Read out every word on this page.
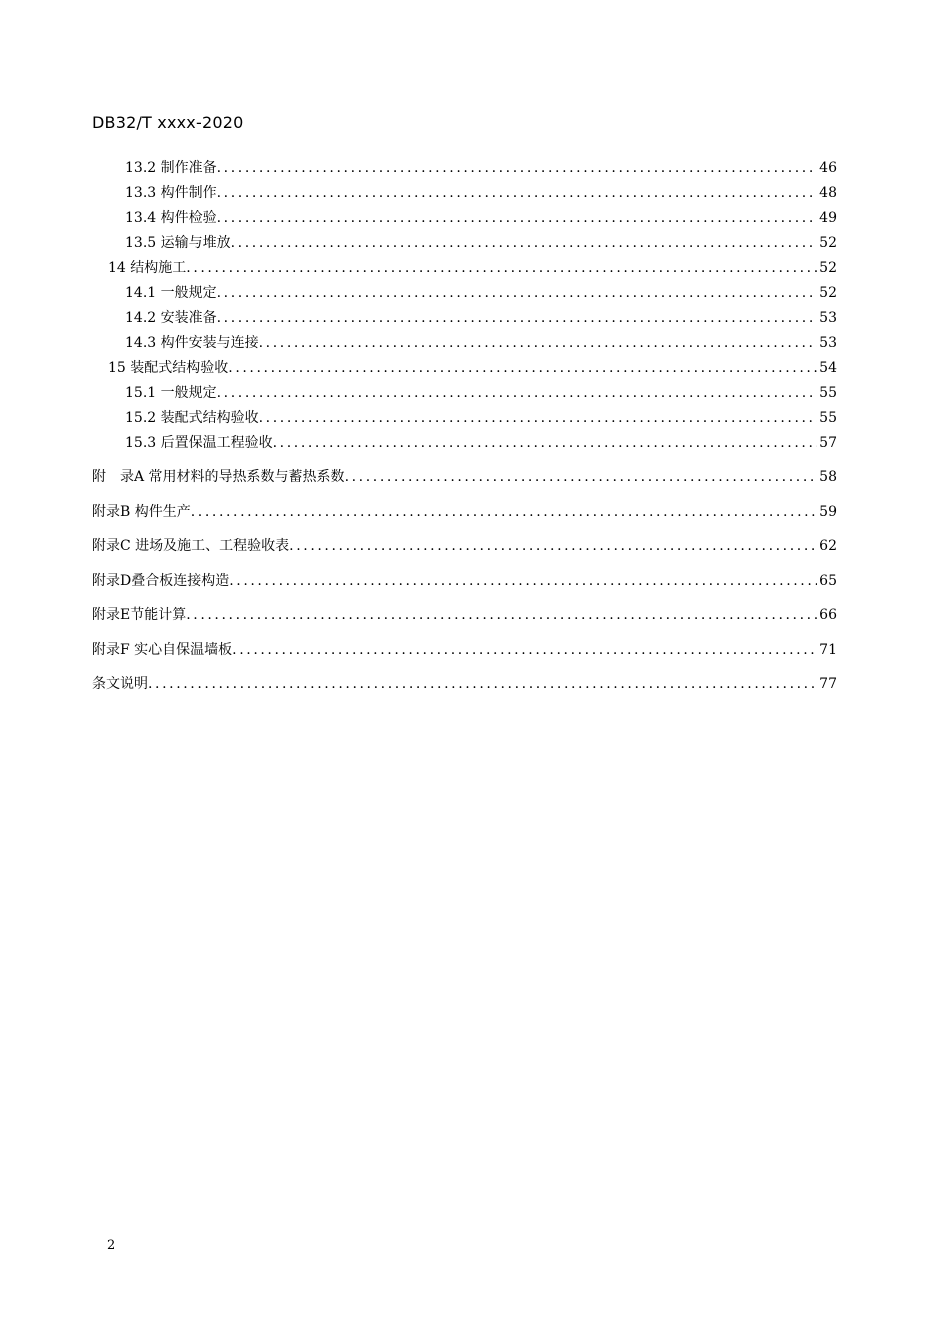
DB32/T xxxx-2020
13.2 制作准备 .....	46
13.3 构件制作 .....	48
13.4 构件检验 .....	49
13.5 运输与堆放 .....	52
14 结构施工 .....	52
14.1 一般规定 .....	52
14.2 安装准备 .....	53
14.3 构件安装与连接 .....	53
15 装配式结构验收 .....	54
15.1 一般规定 .....	55
15.2 装配式结构验收 .....	55
15.3 后置保温工程验收 .....	57
附　录A 常用材料的导热系数与蓄热系数 .....	58
附录B 构件生产 .....	59
附录C 进场及施工、工程验收表 .....	62
附录D叠合板连接构造 .....	65
附录E节能计算 .....	66
附录F 实心自保温墙板 .....	71
条文说明 .....	77
2
